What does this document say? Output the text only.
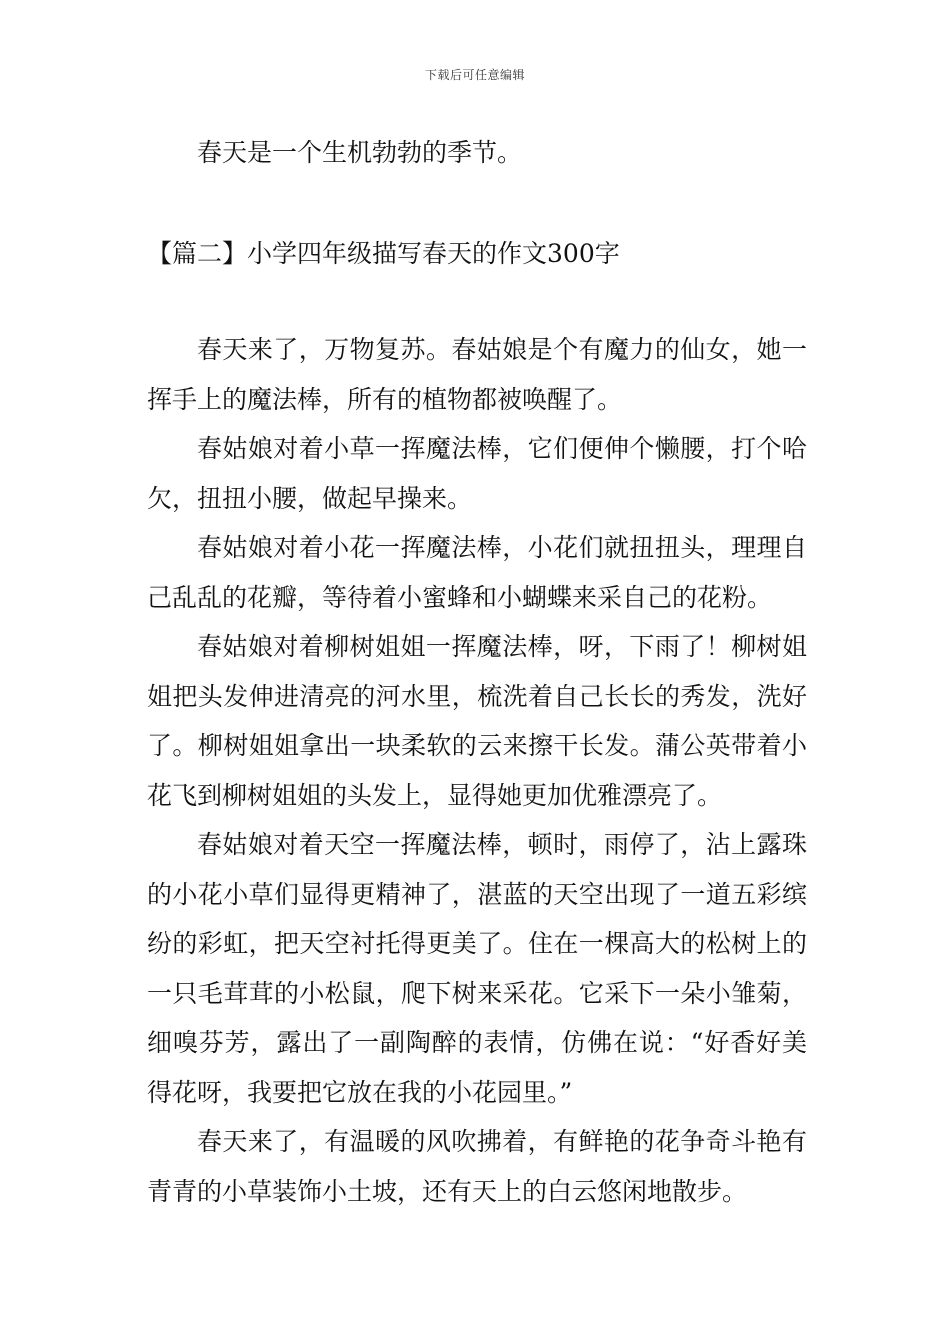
下载后可任意编辑

春天是一个生机勃勃的季节。

【篇二】小学四年级描写春天的作文300字

春天来了，万物复苏。春姑娘是个有魔力的仙女，她一挥手上的魔法棒，所有的植物都被唤醒了。

春姑娘对着小草一挥魔法棒，它们便伸个懒腰，打个哈欠，扭扭小腰，做起早操来。

春姑娘对着小花一挥魔法棒，小花们就扭扭头，理理自己乱乱的花瓣，等待着小蜜蜂和小蝴蝶来采自己的花粉。

春姑娘对着柳树姐姐一挥魔法棒，呀，下雨了！柳树姐姐把头发伸进清亮的河水里，梳洗着自己长长的秀发，洗好了。柳树姐姐拿出一块柔软的云来擦干长发。蒲公英带着小花飞到柳树姐姐的头发上，显得她更加优雅漂亮了。

春姑娘对着天空一挥魔法棒，顿时，雨停了，沾上露珠的小花小草们显得更精神了，湛蓝的天空出现了一道五彩缤纷的彩虹，把天空衬托得更美了。住在一棵高大的松树上的一只毛茸茸的小松鼠，爬下树来采花。它采下一朵小雏菊，细嗅芬芳，露出了一副陶醉的表情，仿佛在说：“好香好美得花呀，我要把它放在我的小花园里。”

春天来了，有温暖的风吹拂着，有鲜艳的花争奇斗艳有青青的小草装饰小土坡，还有天上的白云悠闲地散步。
